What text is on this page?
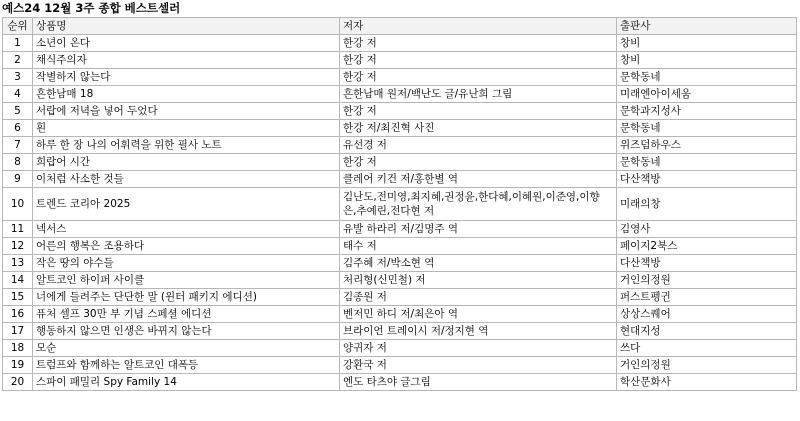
예스24 12월 3주 종합 베스트셀러
순위	상품명	저자	출판사
1	소년이 온다	한강 저	창비
2	채식주의자	한강 저	창비
3	작별하지 않는다	한강 저	문학동네
4	흔한남매 18	흔한남매 원저/백난도 글/유난희 그림	미래엔아이세움
5	서랍에 저녁을 넣어 두었다	한강 저	문학과지성사
6	흰	한강 저/최진혁 사진	문학동네
7	하루 한 장 나의 어휘력을 위한 필사 노트	유선경 저	위즈덤하우스
8	희랍어 시간	한강 저	문학동네
9	이처럼 사소한 것들	클레어 키건 저/홍한별 역	다산책방
10	트렌드 코리아 2025	김난도,전미영,최지혜,권정윤,한다혜,이혜원,이준영,이향은,추예린,전다현 저	미래의창
11	넥서스	유발 하라리 저/김명주 역	김영사
12	어른의 행복은 조용하다	태수 저	페이지2북스
13	작은 땅의 야수들	김주혜 저/박소현 역	다산책방
14	알트코인 하이퍼 사이클	처리형(신민철) 저	거인의정원
15	너에게 들려주는 단단한 말 (윈터 패키지 에디션)	김종원 저	퍼스트펭귄
16	퓨처 셀프 30만 부 기념 스페셜 에디션	벤저민 하디 저/최은아 역	상상스퀘어
17	행동하지 않으면 인생은 바뀌지 않는다	브라이언 트레이시 저/정지현 역	현대지성
18	모순	양귀자 저	쓰다
19	트럼프와 함께하는 알트코인 대폭등	강환국 저	거인의정원
20	스파이 패밀리 Spy Family 14	엔도 타츠야 글그림	학산문화사
